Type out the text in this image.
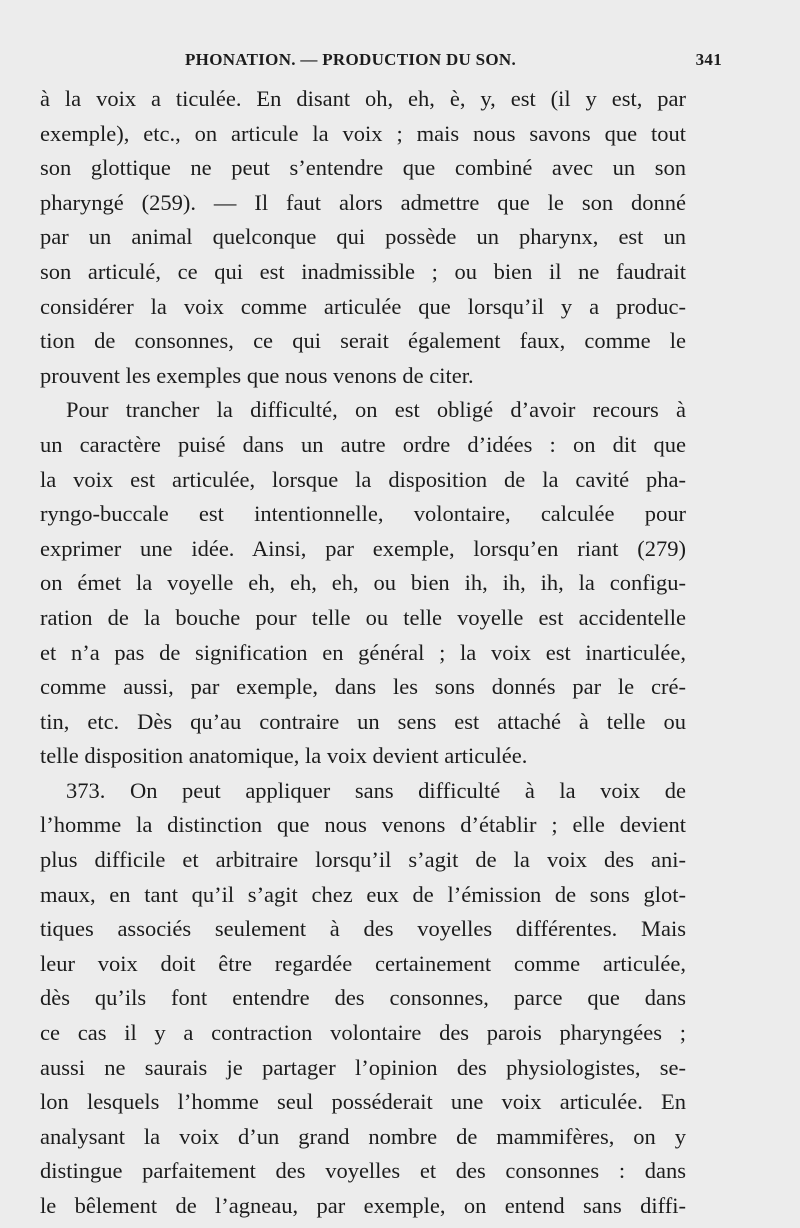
PHONATION. — PRODUCTION DU SON.	341
à la voix a ticulée. En disant oh, eh, è, y, est (il y est, par
exemple), etc., on articule la voix ; mais nous savons que tout
son glottique ne peut s’entendre que combiné avec un son
pharyngé (259). — Il faut alors admettre que le son donné
par un animal quelconque qui possède un pharynx, est un
son articulé, ce qui est inadmissible ; ou bien il ne faudrait
considérer la voix comme articulée que lorsqu’il y a produc-
tion de consonnes, ce qui serait également faux, comme le
prouvent les exemples que nous venons de citer.
Pour trancher la difficulté, on est obligé d’avoir recours à
un caractère puisé dans un autre ordre d’idées : on dit que
la voix est articulée, lorsque la disposition de la cavité pha-
ryngo-buccale est intentionnelle, volontaire, calculée pour
exprimer une idée. Ainsi, par exemple, lorsqu’en riant (279)
on émet la voyelle eh, eh, eh, ou bien ih, ih, ih, la configu-
ration de la bouche pour telle ou telle voyelle est accidentelle
et n’a pas de signification en général ; la voix est inarticulée,
comme aussi, par exemple, dans les sons donnés par le cré-
tin, etc. Dès qu’au contraire un sens est attaché à telle ou
telle disposition anatomique, la voix devient articulée.
373. On peut appliquer sans difficulté à la voix de
l’homme la distinction que nous venons d’établir ; elle devient
plus difficile et arbitraire lorsqu’il s’agit de la voix des ani-
maux, en tant qu’il s’agit chez eux de l’émission de sons glot-
tiques associés seulement à des voyelles différentes. Mais
leur voix doit être regardée certainement comme articulée,
dès qu’ils font entendre des consonnes, parce que dans
ce cas il y a contraction volontaire des parois pharyngées ;
aussi ne saurais je partager l’opinion des physiologistes, se-
lon lesquels l’homme seul posséderait une voix articulée. En
analysant la voix d’un grand nombre de mammifères, on y
distingue parfaitement des voyelles et des consonnes : dans
le bêlement de l’agneau, par exemple, on entend sans diffi-
